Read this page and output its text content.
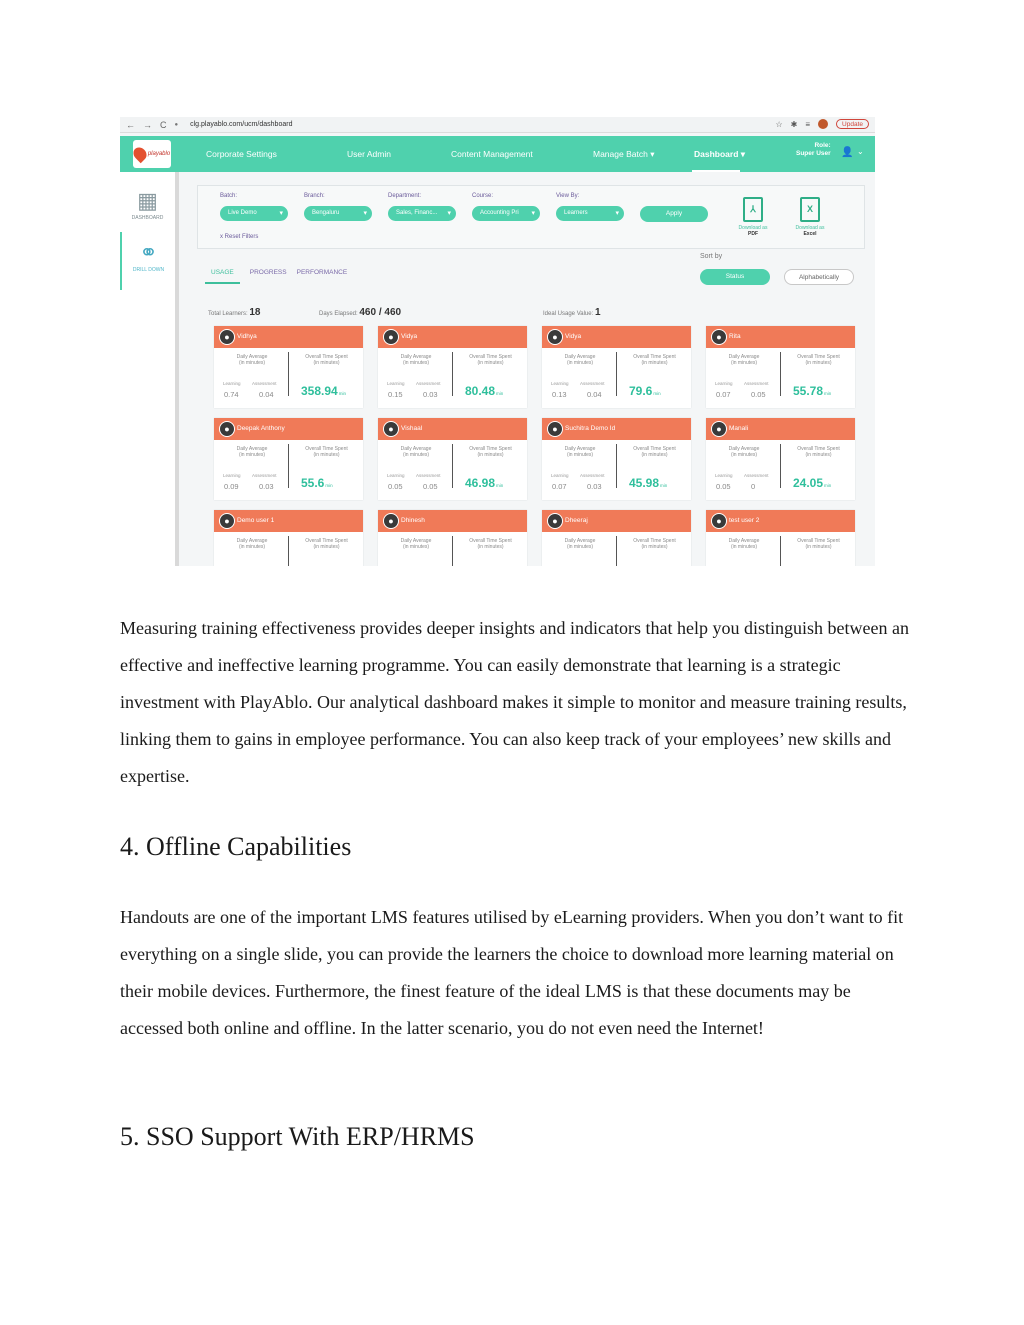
← → C ● clg.playablo.com/ucm/dashboard	☆ ✱ ≡	Update
playablo	Corporate Settings	User Admin	Content Management	Manage Batch ▾	Dashboard ▾
Role:
Super User 👤 ⌄
▦
DASHBOARD
⚭
DRILL DOWN
Batch:	Branch:	Department:	Course:	View By:
Live Demo ▾	Bengaluru ▾	Sales, Financ... ▾	Accounting Pri ▾	Learners ▾	Apply
x Reset Filters
⅄
Download as
PDF
X
Download as
Excel
Sort by
Status	Alphabetically
USAGE	PROGRESS PERFORMANCE
Total Learners: 18	Days Elapsed: 460 / 460	Ideal Usage Value: 1
●	Vidhya
Daily Average
(in minutes)
Overall Time Spent
(in minutes)
Learning	Assessment
0.74	0.04 358.94min
●	Vidya
Daily Average
(in minutes)
Overall Time Spent
(in minutes)
Learning	Assessment
0.15	0.03 80.48min
●	Vidya
Daily Average
(in minutes)
Overall Time Spent
(in minutes)
Learning	Assessment
0.13	0.04 79.6min
●	Rita
Daily Average
(in minutes)
Overall Time Spent
(in minutes)
Learning	Assessment
0.07	0.05 55.78min
●	Deepak Anthony
Daily Average
(in minutes)
Overall Time Spent
(in minutes)
Learning	Assessment
0.09	0.03 55.6min
●	Vishaal
Daily Average
(in minutes)
Overall Time Spent
(in minutes)
Learning	Assessment
0.05	0.05 46.98min
●	Suchitra Demo Id
Daily Average
(in minutes)
Overall Time Spent
(in minutes)
Learning	Assessment
0.07	0.03 45.98min
●	Manali
Daily Average
(in minutes)
Overall Time Spent
(in minutes)
Learning	Assessment
0.05	0	24.05min
●	Demo user 1
Daily Average
(in minutes)
Overall Time Spent
(in minutes)
●	Dhinesh
Daily Average
(in minutes)
Overall Time Spent
(in minutes)
●	Dheeraj
Daily Average
(in minutes)
Overall Time Spent
(in minutes)
●	test user 2
Daily Average
(in minutes)
Overall Time Spent
(in minutes)

Measuring training effectiveness provides deeper insights and indicators that help you distinguish between an effective and ineffective learning programme. You can easily demonstrate that learning is a strategic investment with PlayAblo. Our analytical dashboard makes it simple to monitor and measure training results, linking them to gains in employee performance. You can also keep track of your employees’ new skills and expertise.

4. Offline Capabilities

Handouts are one of the important LMS features utilised by eLearning providers. When you don’t want to fit everything on a single slide, you can provide the learners the choice to download more learning material on their mobile devices. Furthermore, the finest feature of the ideal LMS is that these documents may be accessed both online and offline. In the latter scenario, you do not even need the Internet!

5. SSO Support With ERP/HRMS
